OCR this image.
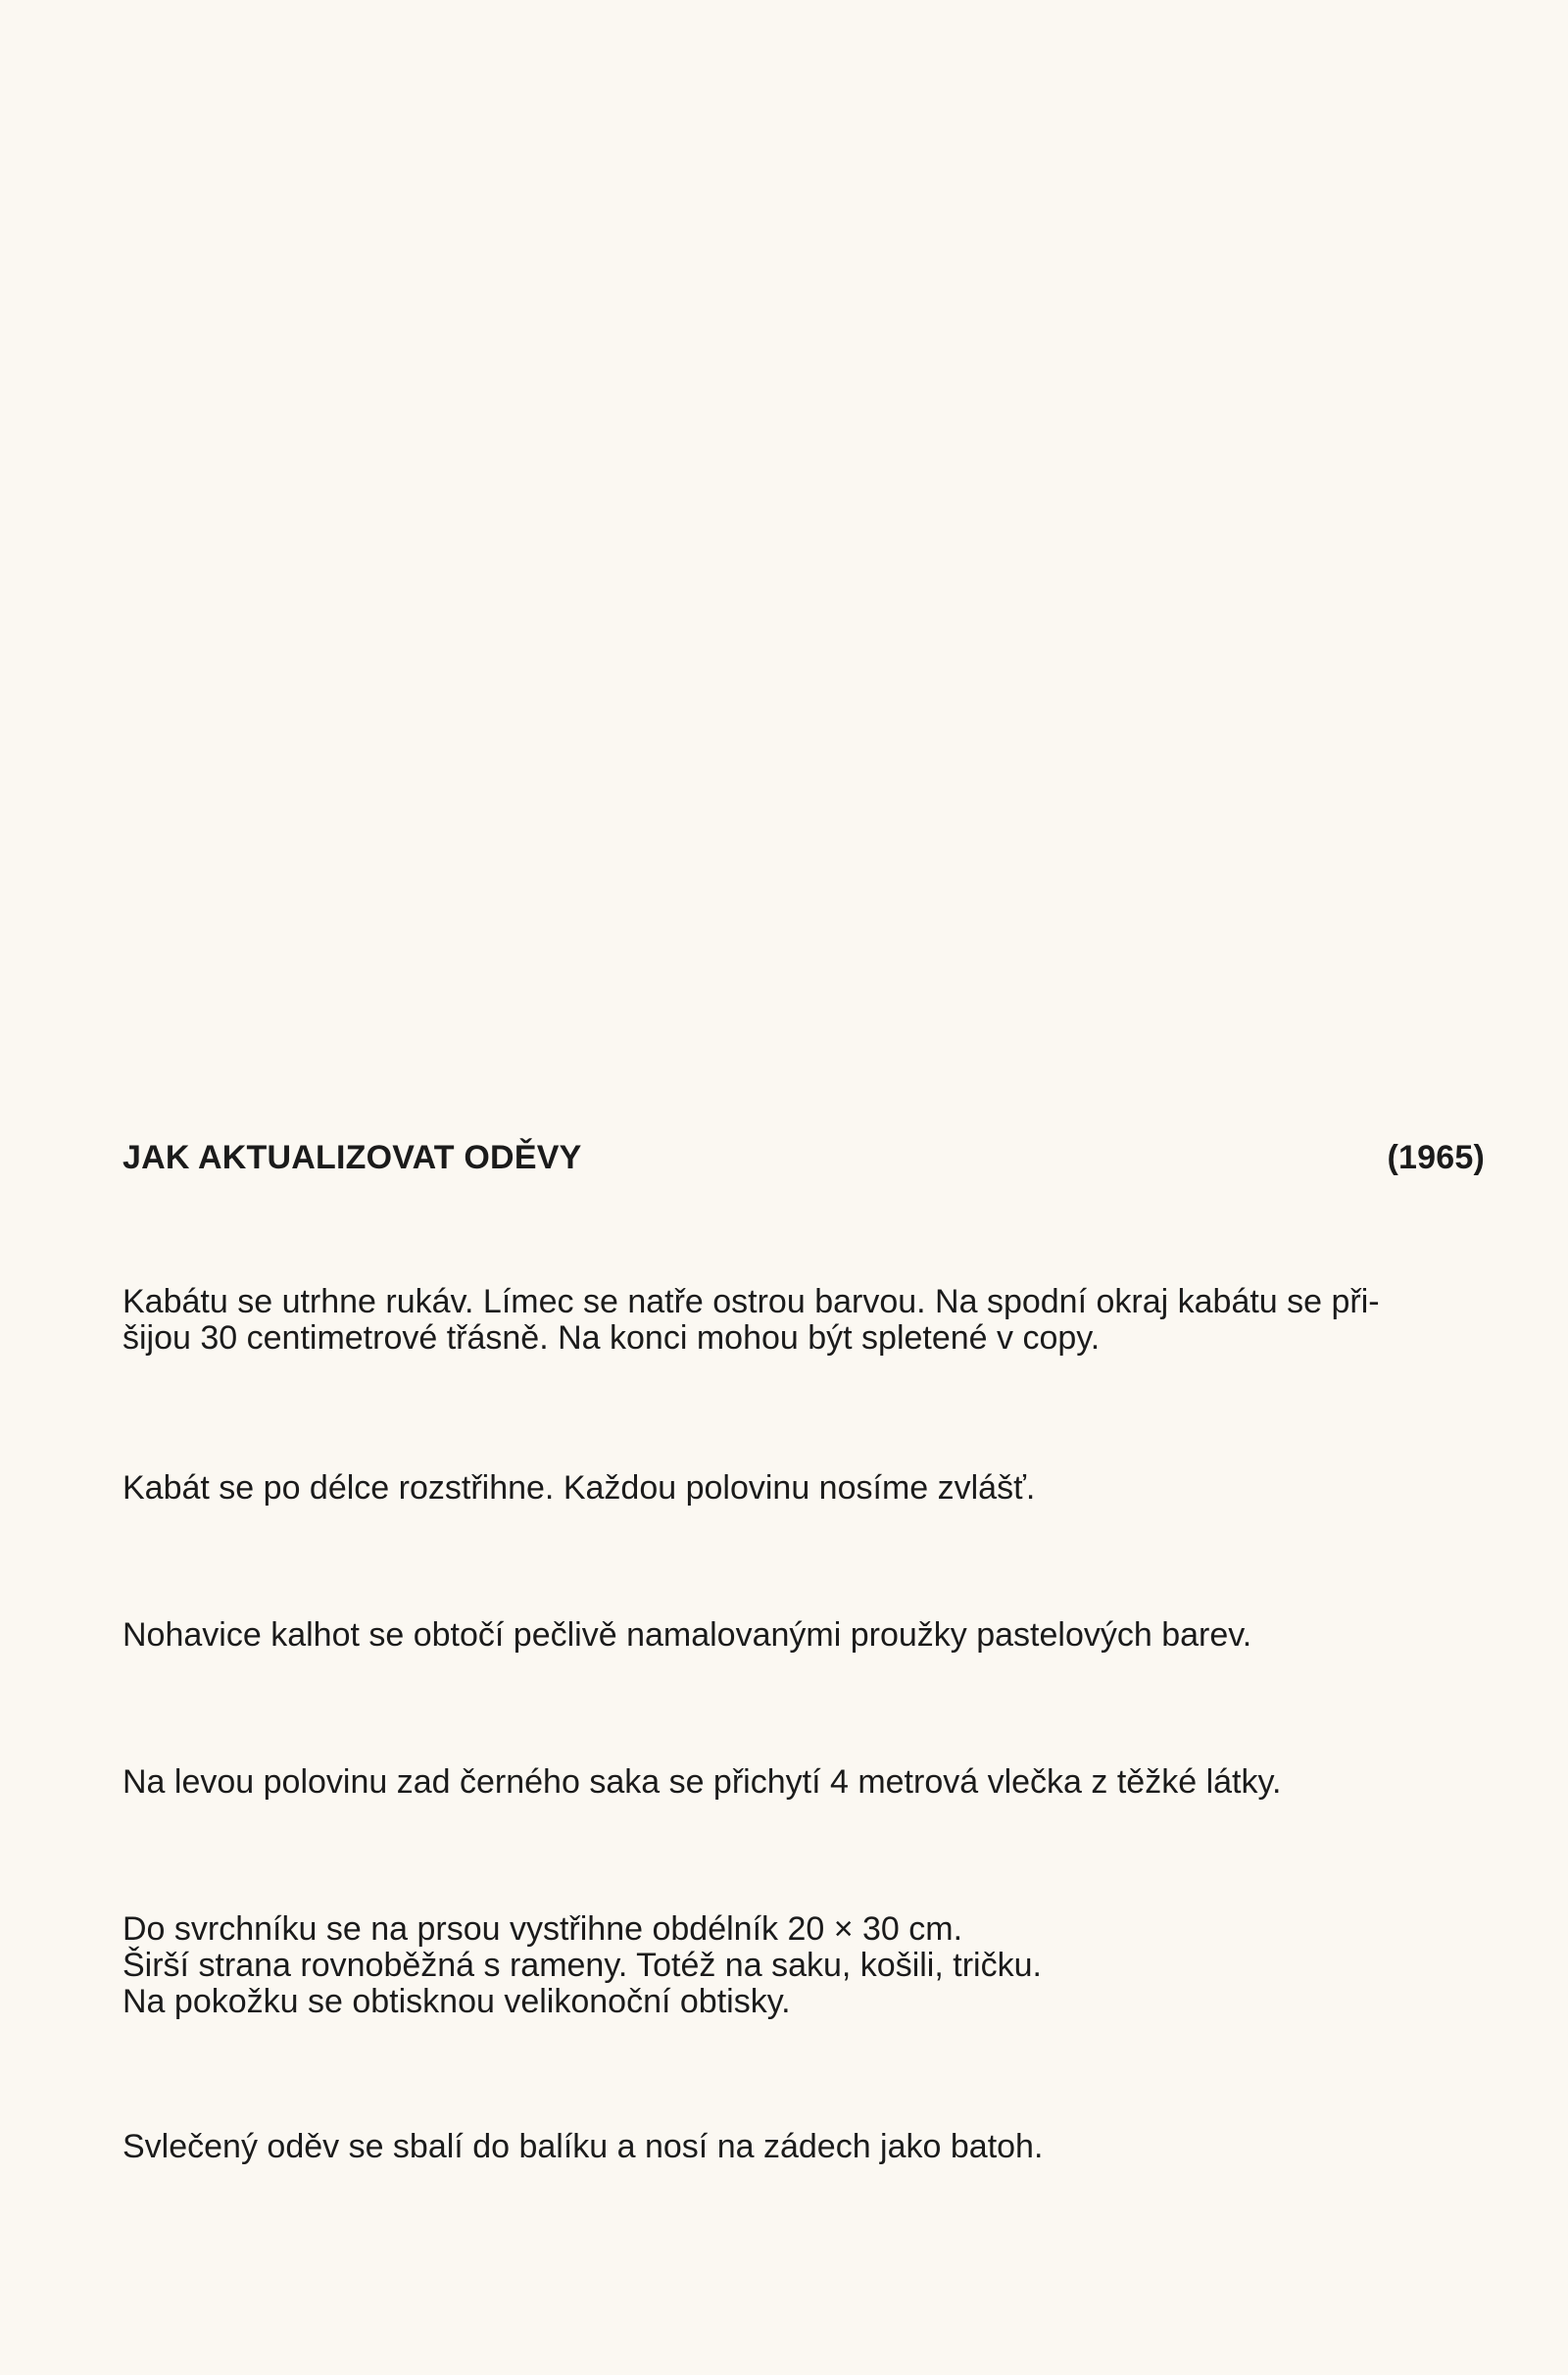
JAK AKTUALIZOVAT ODĚVY	(1965)
Kabátu se utrhne rukáv. Límec se natře ostrou barvou. Na spodní okraj kabátu se při-
šijou 30 centimetrové třásně. Na konci mohou být spletené v copy.
Kabát se po délce rozstřihne. Každou polovinu nosíme zvlášť.
Nohavice kalhot se obtočí pečlivě namalovanými proužky pastelových barev.
Na levou polovinu zad černého saka se přichytí 4 metrová vlečka z těžké látky.
Do svrchníku se na prsou vystřihne obdélník 20 × 30 cm.
Širší strana rovnoběžná s rameny. Totéž na saku, košili, tričku.
Na pokožku se obtisknou velikonoční obtisky.
Svlečený oděv se sbalí do balíku a nosí na zádech jako batoh.
